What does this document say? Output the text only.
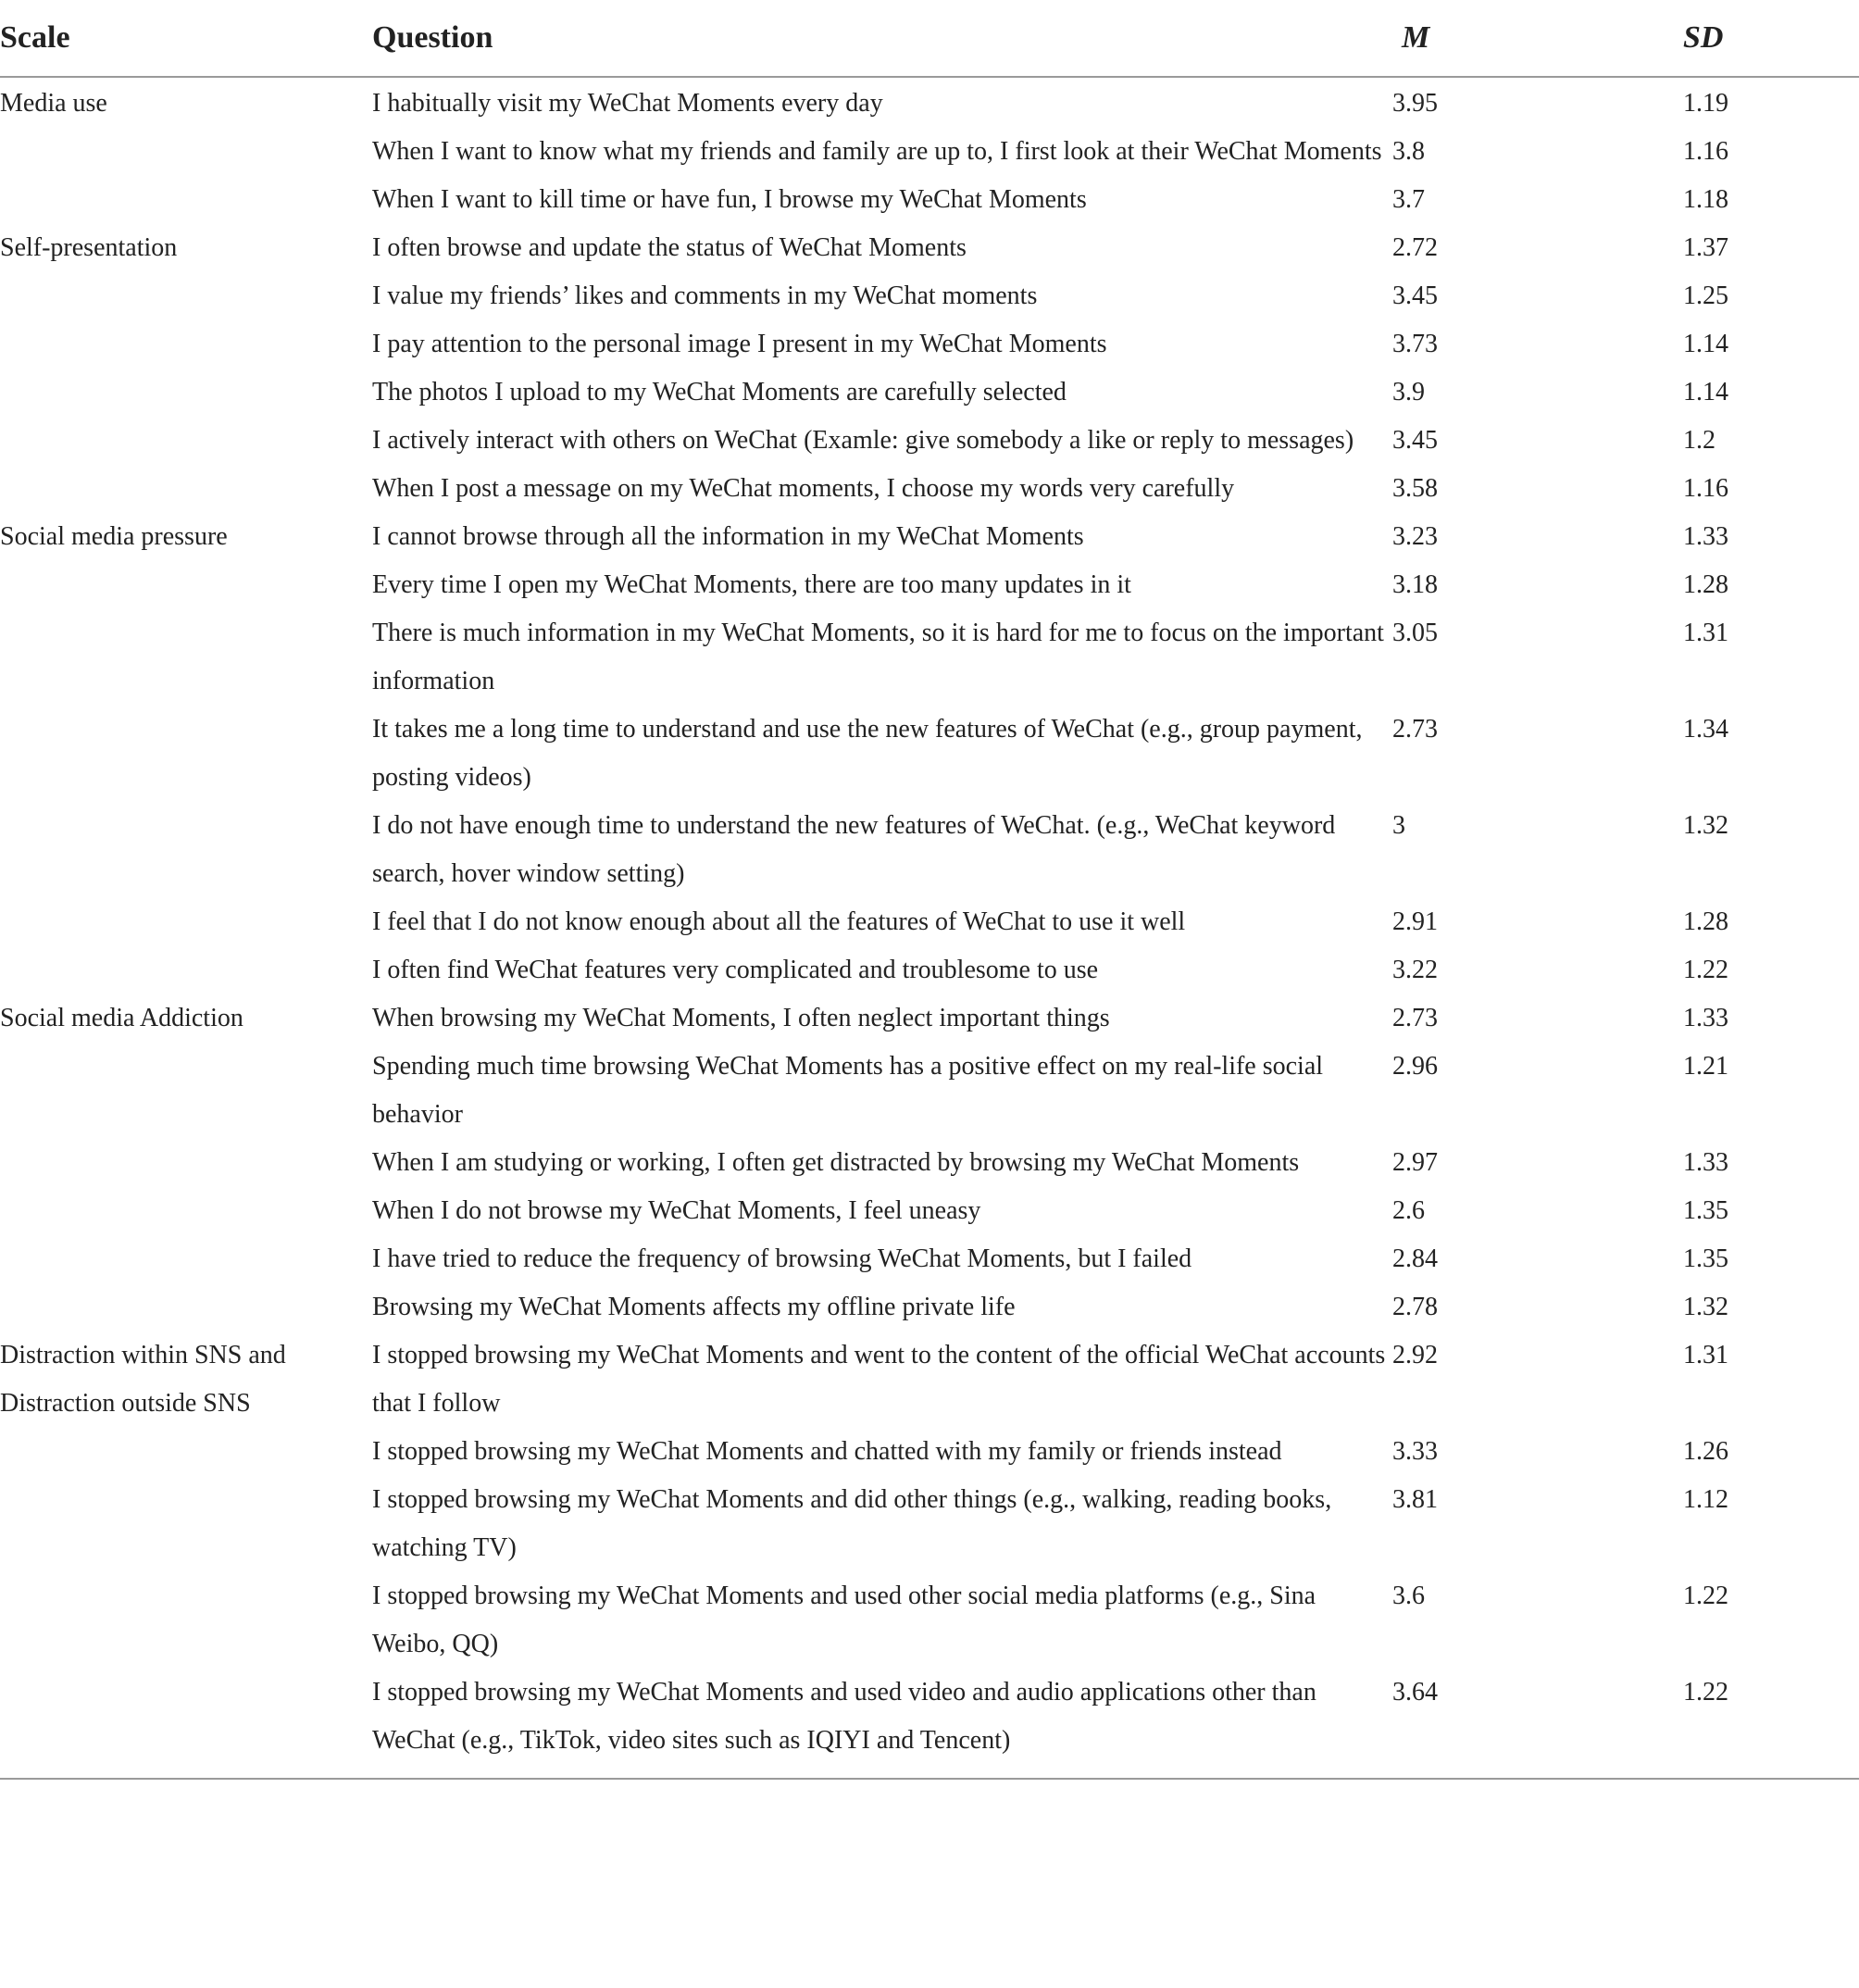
Scale	Question	M	SD
Media use	I habitually visit my WeChat Moments every day	3.95	1.19
	When I want to know what my friends and family are up to, I first look at their WeChat Moments	3.8	1.16
	When I want to kill time or have fun, I browse my WeChat Moments	3.7	1.18
Self-presentation	I often browse and update the status of WeChat Moments	2.72	1.37
	I value my friends’ likes and comments in my WeChat moments	3.45	1.25
	I pay attention to the personal image I present in my WeChat Moments	3.73	1.14
	The photos I upload to my WeChat Moments are carefully selected	3.9	1.14
	I actively interact with others on WeChat (Examle: give somebody a like or reply to messages)	3.45	1.2
	When I post a message on my WeChat moments, I choose my words very carefully	3.58	1.16
Social media pressure	I cannot browse through all the information in my WeChat Moments	3.23	1.33
	Every time I open my WeChat Moments, there are too many updates in it	3.18	1.28
	There is much information in my WeChat Moments, so it is hard for me to focus on the important information	3.05	1.31
	It takes me a long time to understand and use the new features of WeChat (e.g., group payment, posting videos)	2.73	1.34
	I do not have enough time to understand the new features of WeChat. (e.g., WeChat keyword search, hover window setting)	3	1.32
	I feel that I do not know enough about all the features of WeChat to use it well	2.91	1.28
	I often find WeChat features very complicated and troublesome to use	3.22	1.22
Social media Addiction	When browsing my WeChat Moments, I often neglect important things	2.73	1.33
	Spending much time browsing WeChat Moments has a positive effect on my real-life social behavior	2.96	1.21
	When I am studying or working, I often get distracted by browsing my WeChat Moments	2.97	1.33
	When I do not browse my WeChat Moments, I feel uneasy	2.6	1.35
	I have tried to reduce the frequency of browsing WeChat Moments, but I failed	2.84	1.35
	Browsing my WeChat Moments affects my offline private life	2.78	1.32
Distraction within SNS and Distraction outside SNS	I stopped browsing my WeChat Moments and went to the content of the official WeChat accounts that I follow	2.92	1.31
	I stopped browsing my WeChat Moments and chatted with my family or friends instead	3.33	1.26
	I stopped browsing my WeChat Moments and did other things (e.g., walking, reading books, watching TV)	3.81	1.12
	I stopped browsing my WeChat Moments and used other social media platforms (e.g., Sina Weibo, QQ)	3.6	1.22
	I stopped browsing my WeChat Moments and used video and audio applications other than WeChat (e.g., TikTok, video sites such as IQIYI and Tencent)	3.64	1.22
